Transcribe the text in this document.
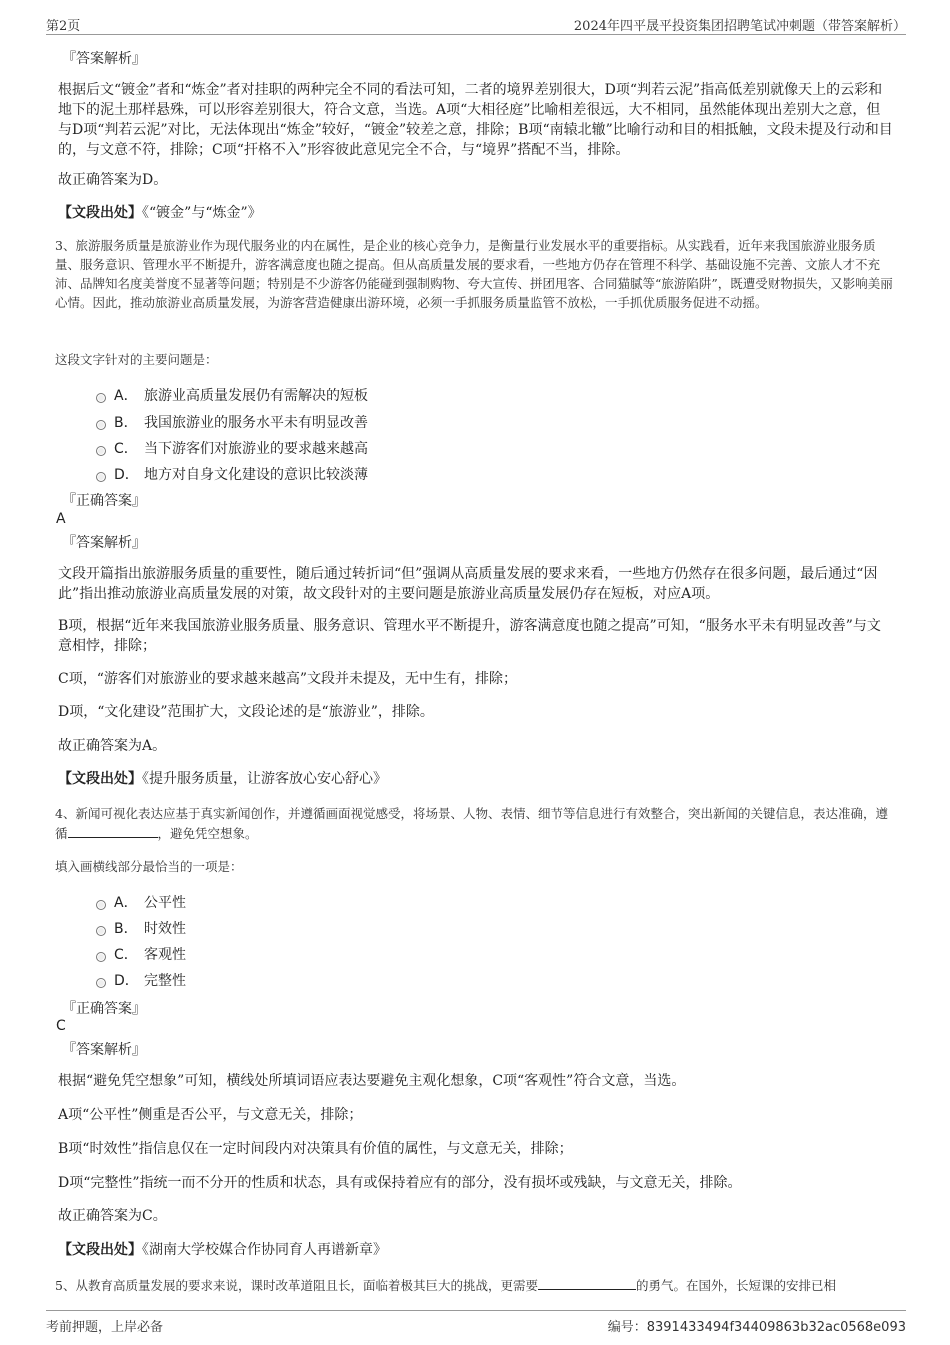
第2页	2024年四平晟平投资集团招聘笔试冲刺题（带答案解析）
『答案解析』
根据后文“镀金”者和“炼金”者对挂职的两种完全不同的看法可知，二者的境界差别很大，D项“判若云泥”指高低差别就像天上的云彩和地下的泥土那样悬殊，可以形容差别很大，符合文意，当选。A项“大相径庭”比喻相差很远，大不相同，虽然能体现出差别大之意，但与D项“判若云泥”对比，无法体现出“炼金”较好，“镀金”较差之意，排除；B项“南辕北辙”比喻行动和目的相抵触，文段未提及行动和目的，与文意不符，排除；C项“扞格不入”形容彼此意见完全不合，与“境界”搭配不当，排除。
故正确答案为D。
【文段出处】《“镀金”与“炼金”》
3、旅游服务质量是旅游业作为现代服务业的内在属性，是企业的核心竞争力，是衡量行业发展水平的重要指标。从实践看，近年来我国旅游业服务质量、服务意识、管理水平不断提升，游客满意度也随之提高。但从高质量发展的要求看，一些地方仍存在管理不科学、基础设施不完善、文旅人才不充沛、品牌知名度美誉度不显著等问题；特别是不少游客仍能碰到强制购物、夸大宣传、拼团甩客、合同猫腻等“旅游陷阱”，既遭受财物损失，又影响美丽心情。因此，推动旅游业高质量发展，为游客营造健康出游环境，必须一手抓服务质量监管不放松，一手抓优质服务促进不动摇。
这段文字针对的主要问题是：
A． 旅游业高质量发展仍有需解决的短板
B． 我国旅游业的服务水平未有明显改善
C． 当下游客们对旅游业的要求越来越高
D． 地方对自身文化建设的意识比较淡薄
『正确答案』
A
『答案解析』
文段开篇指出旅游服务质量的重要性，随后通过转折词“但”强调从高质量发展的要求来看，一些地方仍然存在很多问题，最后通过“因此”指出推动旅游业高质量发展的对策，故文段针对的主要问题是旅游业高质量发展仍存在短板，对应A项。
B项，根据“近年来我国旅游业服务质量、服务意识、管理水平不断提升，游客满意度也随之提高”可知，“服务水平未有明显改善”与文意相悖，排除；
C项，“游客们对旅游业的要求越来越高”文段并未提及，无中生有，排除；
D项，“文化建设”范围扩大，文段论述的是“旅游业”，排除。
故正确答案为A。
【文段出处】《提升服务质量，让游客放心安心舒心》
4、新闻可视化表达应基于真实新闻创作，并遵循画面视觉感受，将场景、人物、表情、细节等信息进行有效整合，突出新闻的关键信息，表达准确，遵循	，避免凭空想象。
填入画横线部分最恰当的一项是：
A． 公平性
B． 时效性
C． 客观性
D． 完整性
『正确答案』
C
『答案解析』
根据“避免凭空想象”可知，横线处所填词语应表达要避免主观化想象，C项“客观性”符合文意，当选。
A项“公平性”侧重是否公平，与文意无关，排除；
B项“时效性”指信息仅在一定时间段内对决策具有价值的属性，与文意无关，排除；
D项“完整性”指统一而不分开的性质和状态，具有或保持着应有的部分，没有损坏或残缺，与文意无关，排除。
故正确答案为C。
【文段出处】《湖南大学校媒合作协同育人再谱新章》
5、从教育高质量发展的要求来说，课时改革道阻且长，面临着极其巨大的挑战，更需要	的勇气。在国外，长短课的安排已相
考前押题，上岸必备	编号：8391433494f34409863b32ac0568e093
